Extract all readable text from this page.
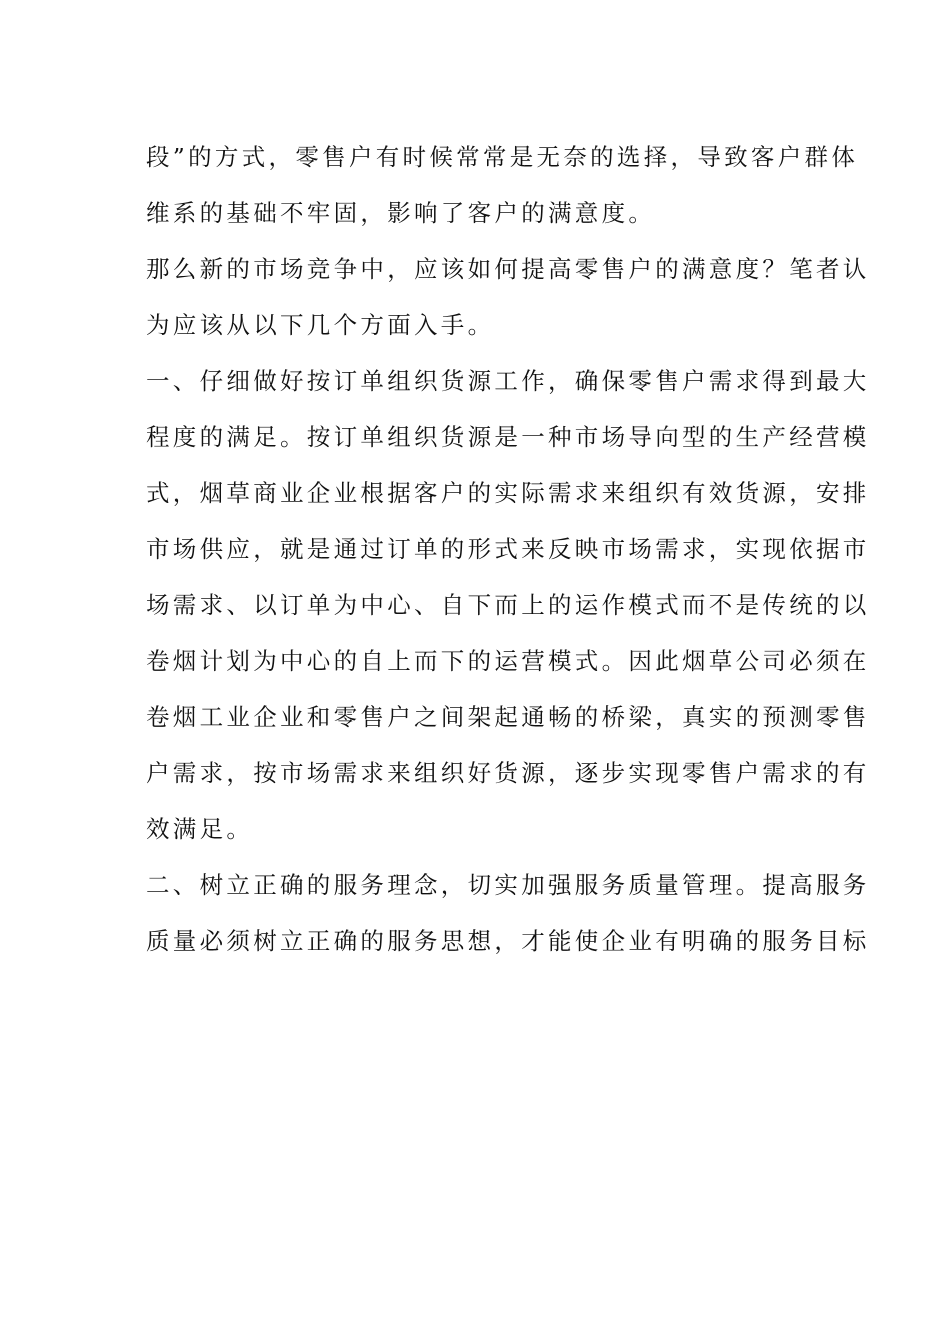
段”的方式，零售户有时候常常是无奈的选择，导致客户群体
维系的基础不牢固，影响了客户的满意度。
那么新的市场竞争中，应该如何提高零售户的满意度？笔者认
为应该从以下几个方面入手。
一、仔细做好按订单组织货源工作，确保零售户需求得到最大
程度的满足。按订单组织货源是一种市场导向型的生产经营模
式，烟草商业企业根据客户的实际需求来组织有效货源，安排
市场供应，就是通过订单的形式来反映市场需求，实现依据市
场需求、以订单为中心、自下而上的运作模式而不是传统的以
卷烟计划为中心的自上而下的运营模式。因此烟草公司必须在
卷烟工业企业和零售户之间架起通畅的桥梁，真实的预测零售
户需求，按市场需求来组织好货源，逐步实现零售户需求的有
效满足。
二、树立正确的服务理念，切实加强服务质量管理。提高服务
质量必须树立正确的服务思想，才能使企业有明确的服务目标
